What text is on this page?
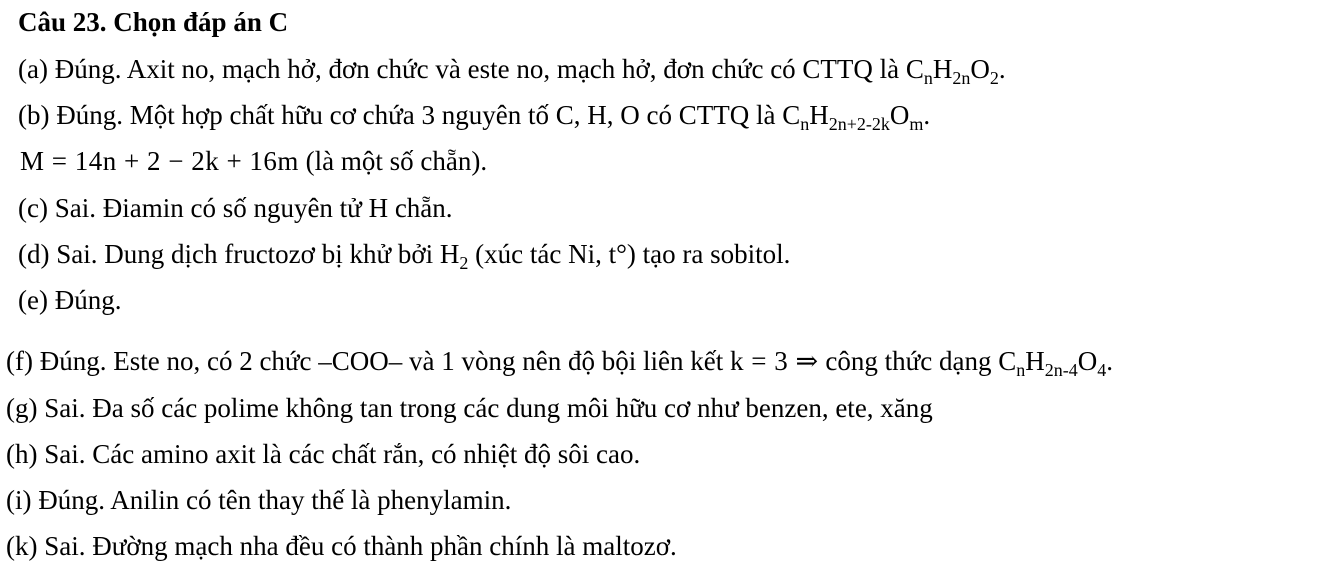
Câu 23. Chọn đáp án C
(a) Đúng. Axit no, mạch hở, đơn chức và este no, mạch hở, đơn chức có CTTQ là $C_nH_{2n}O_2$.
(b) Đúng. Một hợp chất hữu cơ chứa 3 nguyên tố C, H, O có CTTQ là $C_nH_{2n+2-2k}O_m$.
M = 14n + 2 − 2k + 16m (là một số chẵn).
(c) Sai. Điamin có số nguyên tử H chẵn.
(d) Sai. Dung dịch fructozơ bị khử bởi $H_2$ (xúc tác Ni, t°) tạo ra sobitol.
(e) Đúng.
(f) Đúng. Este no, có 2 chức –COO– và 1 vòng nên độ bội liên kết k = 3 ⇒ công thức dạng $C_nH_{2n-4}O_4$.
(g) Sai. Đa số các polime không tan trong các dung môi hữu cơ như benzen, ete, xăng
(h) Sai. Các amino axit là các chất rắn, có nhiệt độ sôi cao.
(i) Đúng. Anilin có tên thay thế là phenylamin.
(k) Sai. Đường mạch nha đều có thành phần chính là maltozơ.
